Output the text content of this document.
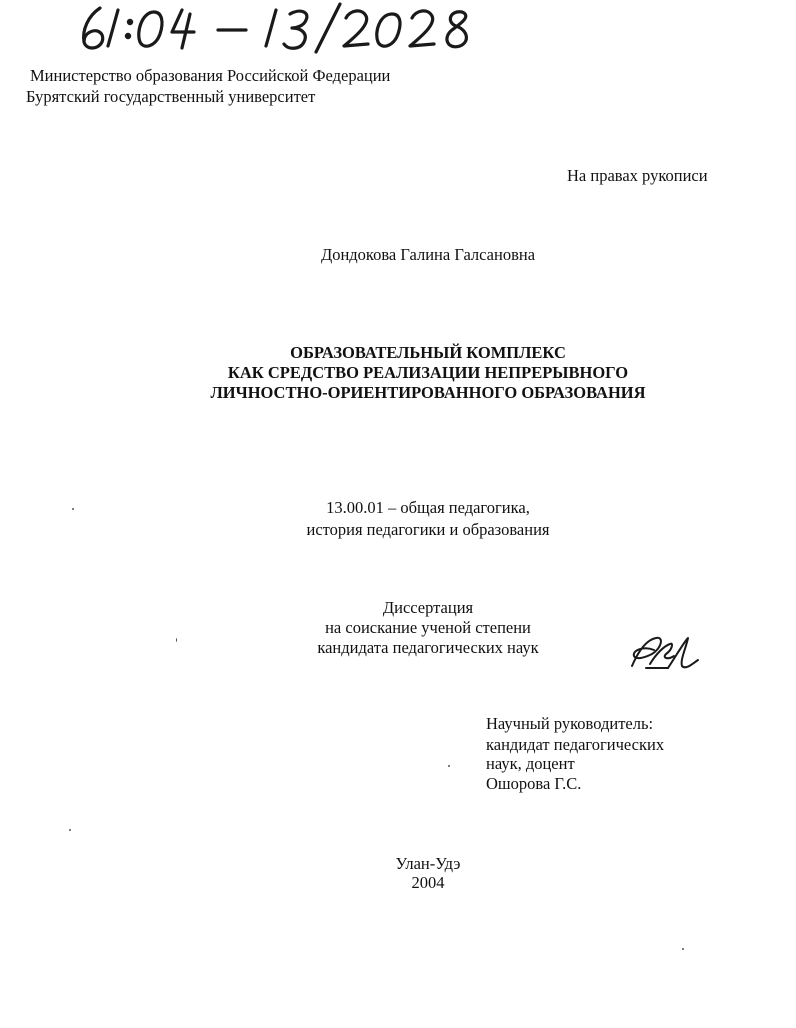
Министерство образования Российской Федерации
Бурятский государственный университет
На правах рукописи
Дондокова Галина Галсановна
ОБРАЗОВАТЕЛЬНЫЙ КОМПЛЕКС
КАК СРЕДСТВО РЕАЛИЗАЦИИ НЕПРЕРЫВНОГО
ЛИЧНОСТНО-ОРИЕНТИРОВАННОГО ОБРАЗОВАНИЯ
13.00.01 – общая педагогика,
история педагогики и образования
Диссертация
на соискание ученой степени
кандидата педагогических наук
Научный руководитель:
кандидат педагогических
наук, доцент
Ошорова Г.С.
Улан-Удэ
2004
